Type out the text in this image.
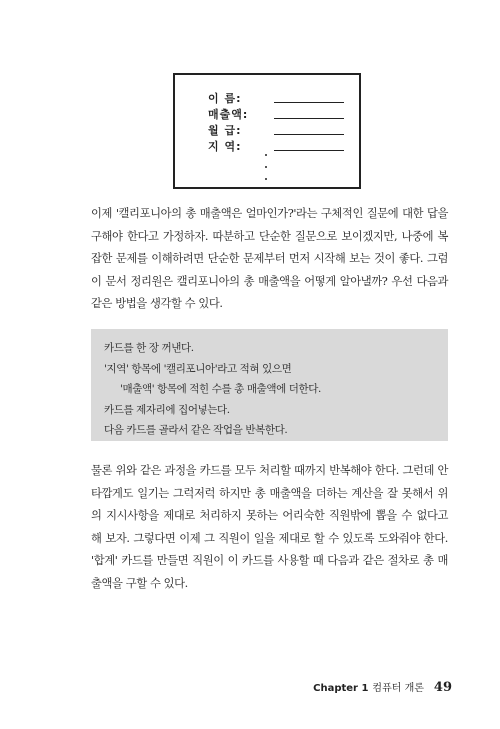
이 름:
매출액:
월 급:
지 역:

이제 '캘리포니아의 총 매출액은 얼마인가?'라는 구체적인 질문에 대한 답을 구해야 한다고 가정하자. 따분하고 단순한 질문으로 보이겠지만, 나중에 복잡한 문제를 이해하려면 단순한 문제부터 먼저 시작해 보는 것이 좋다. 그럼 이 문서 정리원은 캘리포니아의 총 매출액을 어떻게 알아낼까? 우선 다음과 같은 방법을 생각할 수 있다.

카드를 한 장 꺼낸다.
'지역' 항목에 '캘리포니아'라고 적혀 있으면
'매출액' 항목에 적힌 수를 총 매출액에 더한다.
카드를 제자리에 집어넣는다.
다음 카드를 골라서 같은 작업을 반복한다.

물론 위와 같은 과정을 카드를 모두 처리할 때까지 반복해야 한다. 그런데 안타깝게도 일기는 그럭저럭 하지만 총 매출액을 더하는 계산을 잘 못해서 위의 지시사항을 제대로 처리하지 못하는 어리숙한 직원밖에 뽑을 수 없다고 해 보자. 그렇다면 이제 그 직원이 일을 제대로 할 수 있도록 도와줘야 한다. '합계' 카드를 만들면 직원이 이 카드를 사용할 때 다음과 같은 절차로 총 매출액을 구할 수 있다.

Chapter 1 컴퓨터 개론 49
